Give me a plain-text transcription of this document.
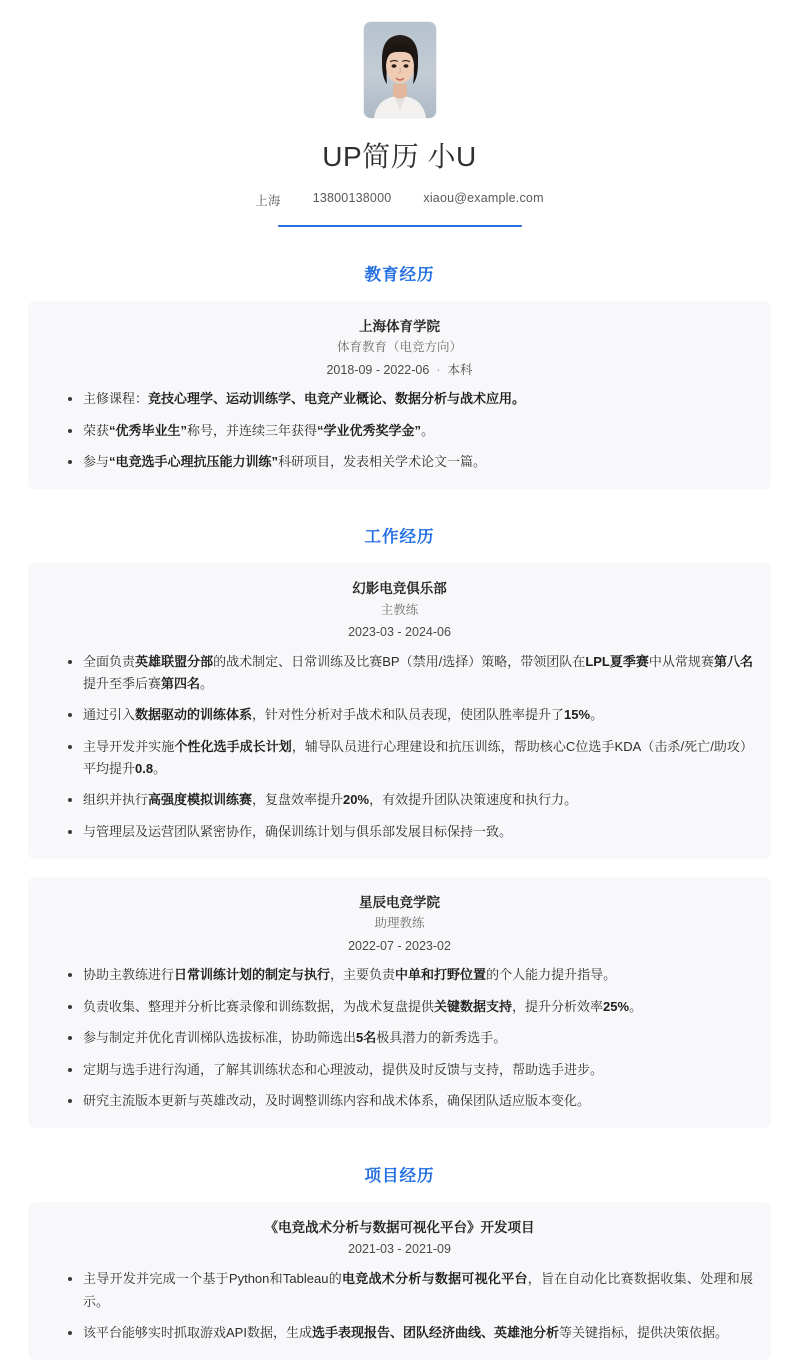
UP简历 小U
上海	13800138000	xiaou@example.com
教育经历
上海体育学院
体育教育（电竞方向）
2018-09 - 2022-06 · 本科
主修课程：竞技心理学、运动训练学、电竞产业概论、数据分析与战术应用。
荣获“优秀毕业生”称号，并连续三年获得“学业优秀奖学金”。
参与“电竞选手心理抗压能力训练”科研项目，发表相关学术论文一篇。
工作经历
幻影电竞俱乐部
主教练
2023-03 - 2024-06
全面负责英雄联盟分部的战术制定、日常训练及比赛BP（禁用/选择）策略，带领团队在LPL夏季赛中从常规赛第八名提升至季后赛第四名。
通过引入数据驱动的训练体系，针对性分析对手战术和队员表现，使团队胜率提升了15%。
主导开发并实施个性化选手成长计划，辅导队员进行心理建设和抗压训练，帮助核心C位选手KDA（击杀/死亡/助攻）平均提升0.8。
组织并执行高强度模拟训练赛，复盘效率提升20%，有效提升团队决策速度和执行力。
与管理层及运营团队紧密协作，确保训练计划与俱乐部发展目标保持一致。
星辰电竞学院
助理教练
2022-07 - 2023-02
协助主教练进行日常训练计划的制定与执行，主要负责中单和打野位置的个人能力提升指导。
负责收集、整理并分析比赛录像和训练数据，为战术复盘提供关键数据支持，提升分析效率25%。
参与制定并优化青训梯队选拔标准，协助筛选出5名极具潜力的新秀选手。
定期与选手进行沟通，了解其训练状态和心理波动，提供及时反馈与支持，帮助选手进步。
研究主流版本更新与英雄改动，及时调整训练内容和战术体系，确保团队适应版本变化。
项目经历
《电竞战术分析与数据可视化平台》开发项目
2021-03 - 2021-09
主导开发并完成一个基于Python和Tableau的电竞战术分析与数据可视化平台，旨在自动化比赛数据收集、处理和展示。
该平台能够实时抓取游戏API数据，生成选手表现报告、团队经济曲线、英雄池分析等关键指标，提供决策依据。
